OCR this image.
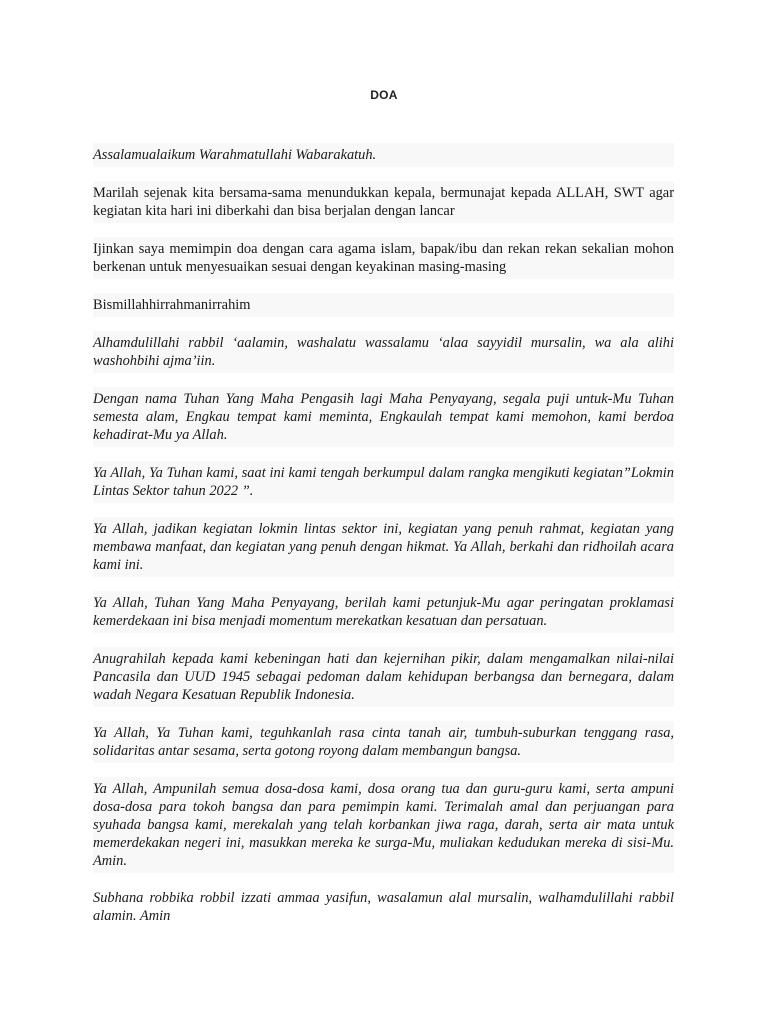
DOA

Assalamualaikum Warahmatullahi Wabarakatuh.

Marilah sejenak kita bersama-sama menundukkan kepala, bermunajat kepada ALLAH, SWT agar kegiatan kita hari ini diberkahi dan bisa berjalan dengan lancar

Ijinkan saya memimpin doa dengan cara agama islam, bapak/ibu dan rekan rekan sekalian mohon berkenan untuk menyesuaikan sesuai dengan keyakinan masing-masing

Bismillahhirrahmanirrahim

Alhamdulillahi rabbil ‘aalamin, washalatu wassalamu ‘alaa sayyidil mursalin, wa ala alihi washohbihi ajma’iin.

Dengan nama Tuhan Yang Maha Pengasih lagi Maha Penyayang, segala puji untuk-Mu Tuhan semesta alam, Engkau tempat kami meminta, Engkaulah tempat kami memohon, kami berdoa kehadirat-Mu ya Allah.

Ya Allah, Ya Tuhan kami, saat ini kami tengah berkumpul dalam rangka mengikuti kegiatan”Lokmin Lintas Sektor tahun 2022 ”.

Ya Allah, jadikan kegiatan lokmin lintas sektor ini, kegiatan yang penuh rahmat, kegiatan yang membawa manfaat, dan kegiatan yang penuh dengan hikmat. Ya Allah, berkahi dan ridhoilah acara kami ini.

Ya Allah, Tuhan Yang Maha Penyayang, berilah kami petunjuk-Mu agar peringatan proklamasi kemerdekaan ini bisa menjadi momentum merekatkan kesatuan dan persatuan.

Anugrahilah kepada kami kebeningan hati dan kejernihan pikir, dalam mengamalkan nilai-nilai Pancasila dan UUD 1945 sebagai pedoman dalam kehidupan berbangsa dan bernegara, dalam wadah Negara Kesatuan Republik Indonesia.

Ya Allah, Ya Tuhan kami, teguhkanlah rasa cinta tanah air, tumbuh-suburkan tenggang rasa, solidaritas antar sesama, serta gotong royong dalam membangun bangsa.

Ya Allah, Ampunilah semua dosa-dosa kami, dosa orang tua dan guru-guru kami, serta ampuni dosa-dosa para tokoh bangsa dan para pemimpin kami. Terimalah amal dan perjuangan para syuhada bangsa kami, merekalah yang telah korbankan jiwa raga, darah, serta air mata untuk memerdekakan negeri ini, masukkan mereka ke surga-Mu, muliakan kedudukan mereka di sisi-Mu. Amin.

Subhana robbika robbil izzati ammaa yasifun, wasalamun alal mursalin, walhamdulillahi rabbil alamin. Amin
